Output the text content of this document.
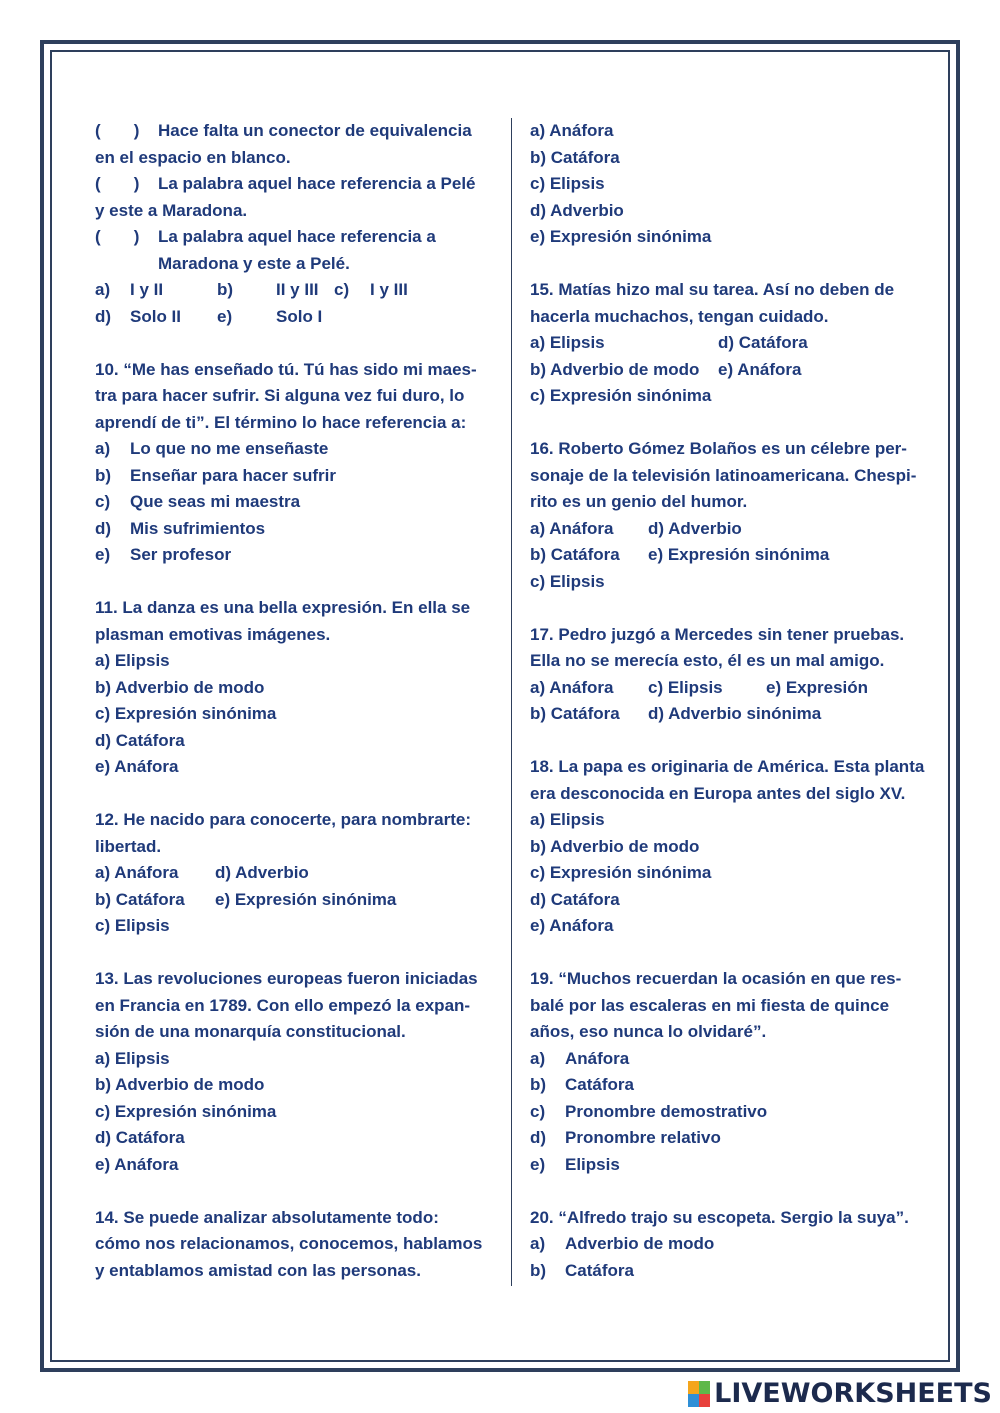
(       )	Hace falta un conector de equivalencia

en el espacio en blanco.

(       )	La palabra aquel hace referencia a Pelé

y este a Maradona.

(       )	La palabra aquel hace referencia a

Maradona y este a Pelé.

a)	I y II	b)	II y III c)	I y III
d)	Solo II	e)	Solo I

10. “Me has enseñado tú. Tú has sido mi maes-

tra para hacer sufrir. Si alguna vez fui duro, lo

aprendí de ti”. El término lo hace referencia a:

a)	Lo que no me enseñaste
b)	Enseñar para hacer sufrir
c)	Que seas mi maestra
d)	Mis sufrimientos
e)	Ser profesor

11. La danza es una bella expresión. En ella se

plasman emotivas imágenes.

a) Elipsis

b) Adverbio de modo

c) Expresión sinónima

d) Catáfora

e) Anáfora

12. He nacido para conocerte, para nombrarte:

libertad.

a) Anáfora	d) Adverbio
b) Catáfora	e) Expresión sinónima
c) Elipsis

13. Las revoluciones europeas fueron iniciadas

en Francia en 1789. Con ello empezó la expan-

sión de una monarquía constitucional.

a) Elipsis

b) Adverbio de modo

c) Expresión sinónima

d) Catáfora

e) Anáfora

14. Se puede analizar absolutamente todo:

cómo nos relacionamos, conocemos, hablamos

y entablamos amistad con las personas.

a) Anáfora

b) Catáfora

c) Elipsis

d) Adverbio

e) Expresión sinónima

15. Matías hizo mal su tarea. Así no deben de

hacerla muchachos, tengan cuidado.

a) Elipsis	d) Catáfora
b) Adverbio de modo	e) Anáfora
c) Expresión sinónima

16. Roberto Gómez Bolaños es un célebre per-

sonaje de la televisión latinoamericana. Chespi-

rito es un genio del humor.

a) Anáfora	d) Adverbio
b) Catáfora	e) Expresión sinónima
c) Elipsis

17. Pedro juzgó a Mercedes sin tener pruebas.

Ella no se merecía esto, él es un mal amigo.

a) Anáfora	c) Elipsis	e) Expresión
b) Catáfora	d) Adverbio sinónima

18. La papa es originaria de América. Esta planta

era desconocida en Europa antes del siglo XV.

a) Elipsis

b) Adverbio de modo

c) Expresión sinónima

d) Catáfora

e) Anáfora

19. “Muchos recuerdan la ocasión en que res-

balé por las escaleras en mi fiesta de quince

años, eso nunca lo olvidaré”.

a)	Anáfora
b)	Catáfora
c)	Pronombre demostrativo
d)	Pronombre relativo
e)	Elipsis

20. “Alfredo trajo su escopeta. Sergio la suya”.

a)	Adverbio de modo
b)	Catáfora
LIVEWORKSHEETS
